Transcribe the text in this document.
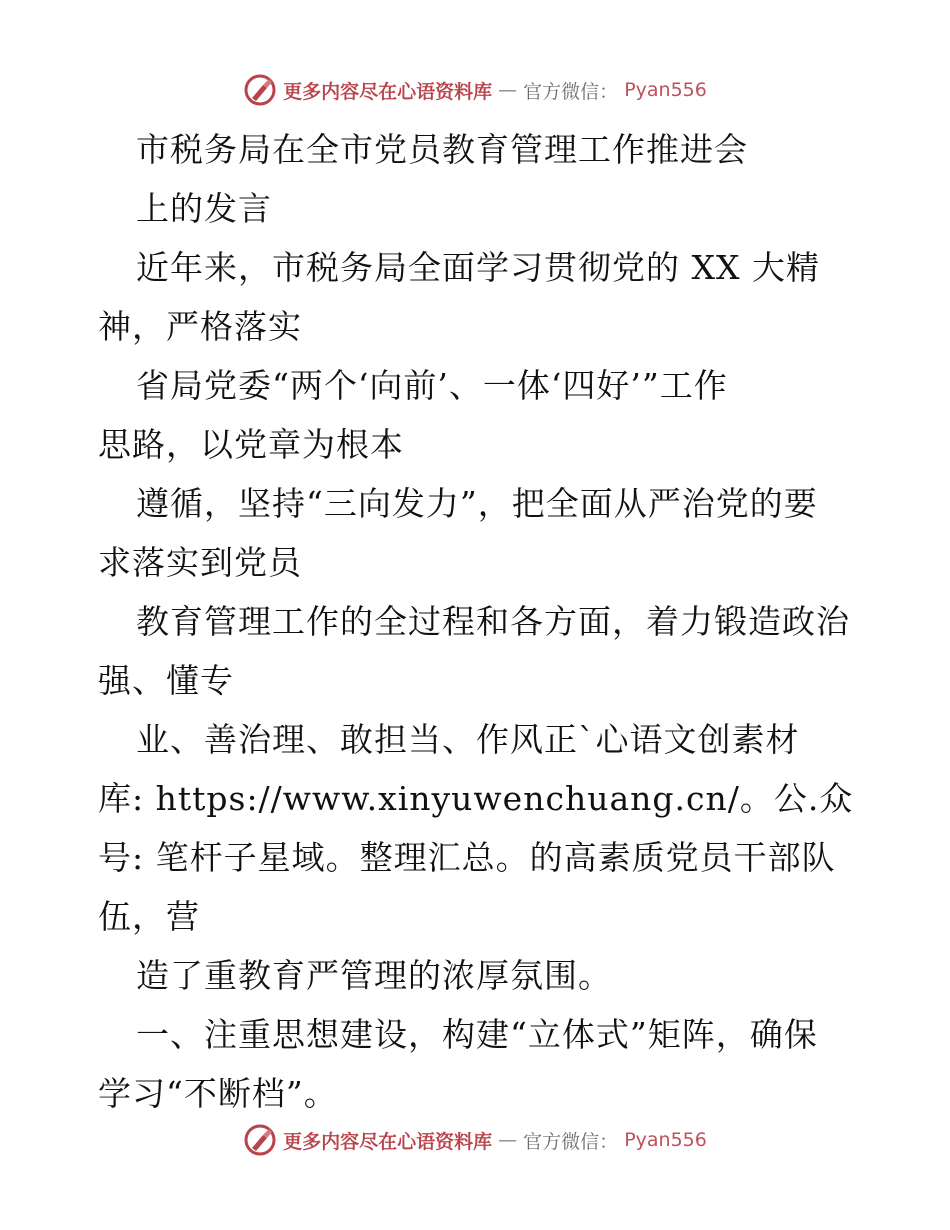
更多内容尽在心语资料库 — 官方微信： Pyan556
市税务局在全市党员教育管理工作推进会
上的发言
近年来，市税务局全面学习贯彻党的 XX 大精
神，严格落实
省局党委“两个‘向前’、一体‘四好’”工作
思路，以党章为根本
遵循，坚持“三向发力”，把全面从严治党的要
求落实到党员
教育管理工作的全过程和各方面，着力锻造政治
强、懂专
业、善治理、敢担当、作风正`心语文创素材
库: https://www.xinyuwenchuang.cn/。公.众
号: 笔杆子星域。整理汇总。的高素质党员干部队
伍，营
造了重教育严管理的浓厚氛围。
一、注重思想建设，构建“立体式”矩阵，确保
学习“不断档”。
更多内容尽在心语资料库 — 官方微信： Pyan556
